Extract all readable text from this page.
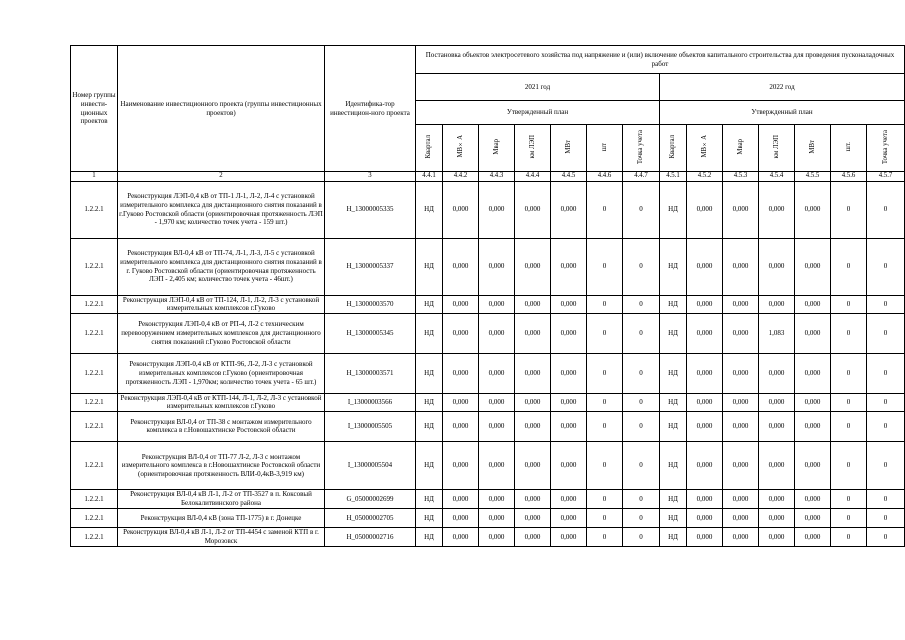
Номер группы инвести-ционных проектов	Наименование инвестиционного проекта (группы инвестиционных проектов)	Идентифика-тор инвестицион-ного проекта	Постановка объектов электросетевого хозяйства под напряжение и (или) включение объектов капитального строительства для проведения пусконаладочных работ													
			2021 год							2022 год						
			Утвержденный план							Утвержденный план						
			Квартал	МВ×А	Мвар	км ЛЭП	МВт	шт	Точка учета	Квартал	МВ×А	Мвар	км ЛЭП	МВт	шт.	Точка учета
1	2	3	4.4.1	4.4.2	4.4.3	4.4.4	4.4.5	4.4.6	4.4.7	4.5.1	4.5.2	4.5.3	4.5.4	4.5.5	4.5.6	4.5.7
1.2.2.1	Реконструкция ЛЭП-0,4 кВ от ТП-1 Л-1, Л-2, Л-4 с установкой измерительного комплекса для дистанционного снятия показаний в г.Гуково Ростовской области (ориентировочная протяженность ЛЭП - 1,970 км; количество точек учета - 159 шт.)	H_13000005335	НД	0,000	0,000	0,000	0,000	0	0	НД	0,000	0,000	0,000	0,000	0	0
1.2.2.1	Реконструкция ВЛ-0,4 кВ от ТП-74, Л-1, Л-3, Л-5 с установкой измерительного комплекса для дистанционного снятия показаний в г. Гуково Ростовской области (ориентировочная протяженность ЛЭП - 2,405 км; количество точек учета - 46шт.)	H_13000005337	НД	0,000	0,000	0,000	0,000	0	0	НД	0,000	0,000	0,000	0,000	0	0
1.2.2.1	Реконструкция ЛЭП-0,4 кВ от ТП-124, Л-1, Л-2, Л-3 с установкой измерительных комплексов г.Гуково	H_13000003570	НД	0,000	0,000	0,000	0,000	0	0	НД	0,000	0,000	0,000	0,000	0	0
1.2.2.1	Реконструкция ЛЭП-0,4 кВ от РП-4, Л-2 с техническим перевооружением измерительных комплексов для дистанционного снятия показаний г.Гуково Ростовской области	H_13000005345	НД	0,000	0,000	0,000	0,000	0	0	НД	0,000	0,000	1,083	0,000	0	0
1.2.2.1	Реконструкция ЛЭП-0,4 кВ от КТП-96, Л-2, Л-3 с установкой измерительных комплексов г.Гуково (ориентировочная протяженность ЛЭП - 1,970км; количество точек учета - 65 шт.)	H_13000003571	НД	0,000	0,000	0,000	0,000	0	0	НД	0,000	0,000	0,000	0,000	0	0
1.2.2.1	Реконструкция ЛЭП-0,4 кВ от КТП-144, Л-1, Л-2, Л-3 с установкой измерительных комплексов г.Гуково	I_13000003566	НД	0,000	0,000	0,000	0,000	0	0	НД	0,000	0,000	0,000	0,000	0	0
1.2.2.1	Реконструкция ВЛ-0,4 от ТП-38 с монтажом измерительного комплекса в г.Новошахтинске Ростовской области	I_13000005505	НД	0,000	0,000	0,000	0,000	0	0	НД	0,000	0,000	0,000	0,000	0	0
1.2.2.1	Реконструкция ВЛ-0,4 от ТП-77 Л-2, Л-3 с монтажом измерительного комплекса в г.Новошахтинске Ростовской области (ориентировочная протяженность ВЛИ-0,4кВ-3,919 км)	I_13000005504	НД	0,000	0,000	0,000	0,000	0	0	НД	0,000	0,000	0,000	0,000	0	0
1.2.2.1	Реконструкция ВЛ-0,4 кВ Л-1, Л-2 от ТП-3527 в п. Коксовый Белокалитвинского района	G_05000002699	НД	0,000	0,000	0,000	0,000	0	0	НД	0,000	0,000	0,000	0,000	0	0
1.2.2.1	Реконструкция ВЛ-0,4 кВ (зона ТП-1775) в г. Донецке	H_05000002705	НД	0,000	0,000	0,000	0,000	0	0	НД	0,000	0,000	0,000	0,000	0	0
1.2.2.1	Реконструкция ВЛ-0,4 кВ Л-1, Л-2 от ТП-4454 с заменой КТП в г. Морозовск	H_05000002716	НД	0,000	0,000	0,000	0,000	0	0	НД	0,000	0,000	0,000	0,000	0	0
